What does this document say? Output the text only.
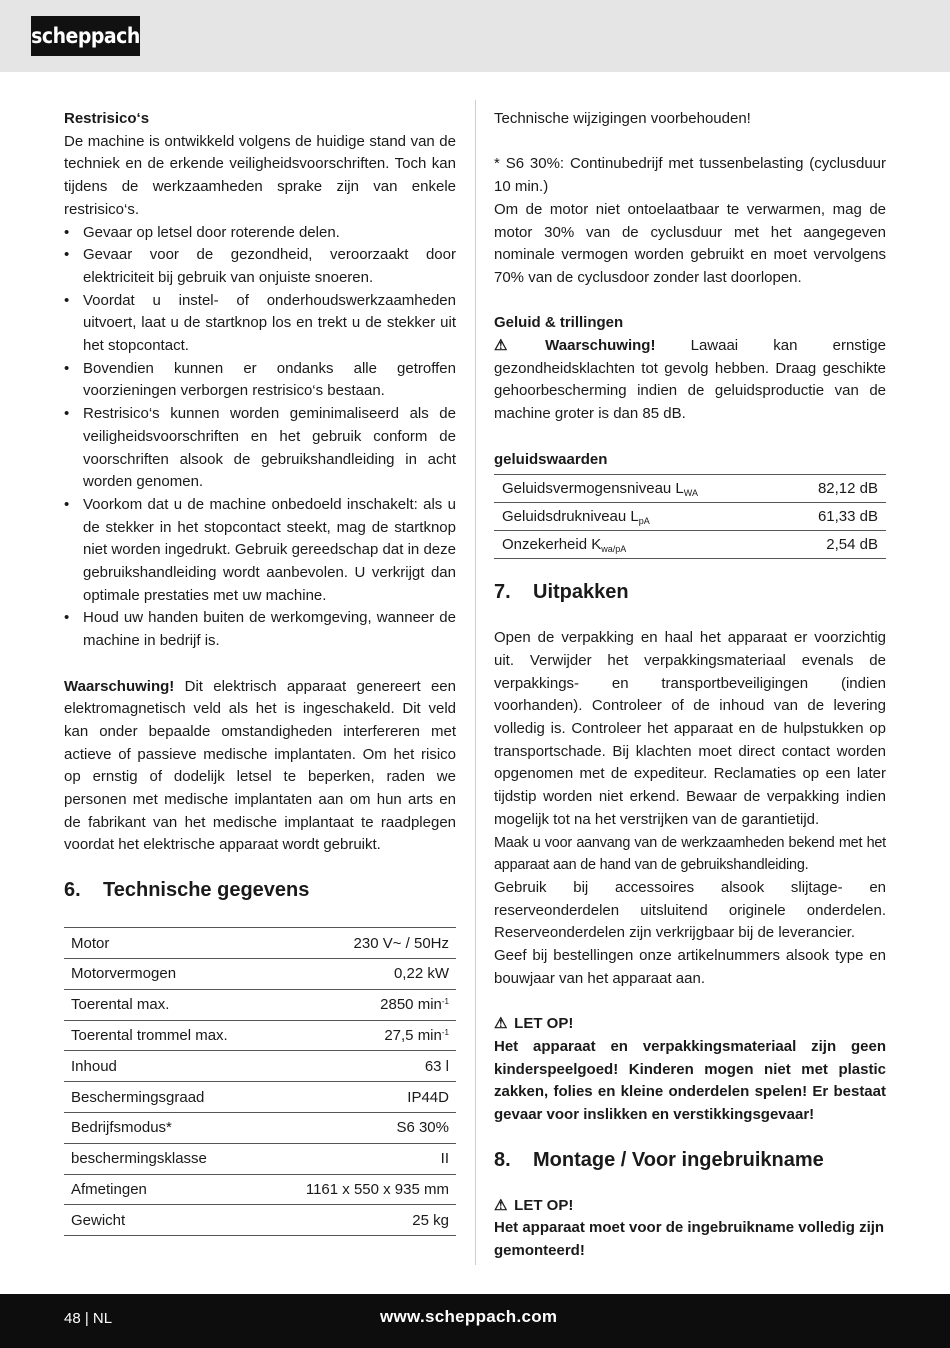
scheppach

Restrisico‘s

De machine is ontwikkeld volgens de huidige stand van de techniek en de erkende veiligheidsvoorschriften. Toch kan tijdens de werkzaamheden sprake zijn van enkele restrisico‘s.

• Gevaar op letsel door roterende delen.
• Gevaar voor de gezondheid, veroorzaakt door elektriciteit bij gebruik van onjuiste snoeren.
• Voordat u instel- of onderhoudswerkzaamheden uitvoert, laat u de startknop los en trekt u de stekker uit het stopcontact.
• Bovendien kunnen er ondanks alle getroffen voorzieningen verborgen restrisico‘s bestaan.
• Restrisico‘s kunnen worden geminimaliseerd als de veiligheidsvoorschriften en het gebruik conform de voorschriften alsook de gebruikshandleiding in acht worden genomen.
• Voorkom dat u de machine onbedoeld inschakelt: als u de stekker in het stopcontact steekt, mag de startknop niet worden ingedrukt. Gebruik gereedschap dat in deze gebruikshandleiding wordt aanbevolen. U verkrijgt dan optimale prestaties met uw machine.
• Houd uw handen buiten de werkomgeving, wanneer de machine in bedrijf is.

Waarschuwing! Dit elektrisch apparaat genereert een elektromagnetisch veld als het is ingeschakeld. Dit veld kan onder bepaalde omstandigheden interfereren met actieve of passieve medische implantaten. Om het risico op ernstig of dodelijk letsel te beperken, raden we personen met medische implantaten aan om hun arts en de fabrikant van het medische implantaat te raadplegen voordat het elektrische apparaat wordt gebruikt.

6. Technische gegevens
Motor	230 V~ / 50Hz
Motorvermogen	0,22 kW
Toerental max.	2850 $\min^{-1}$
Toerental trommel max.	27,5 $\min^{-1}$
Inhoud	63 l
Beschermingsgraad	IP44D
Bedrijfsmodus*	S6 30%
beschermingsklasse	II
Afmetingen	1161 x 550 x 935 mm
Gewicht	25 kg

Technische wijzigingen voorbehouden!

* S6 30%: Continubedrijf met tussenbelasting (cyclusduur 10 min.)

Om de motor niet ontoelaatbaar te verwarmen, mag de motor 30% van de cyclusduur met het aangegeven nominale vermogen worden gebruikt en moet vervolgens 70% van de cyclusdoor zonder last doorlopen.

Geluid & trillingen

⚠	Waarschuwing! Lawaai kan ernstige gezondheidsklachten tot gevolg hebben. Draag geschikte gehoorbescherming indien de geluidsproductie van de machine groter is dan 85 dB.

geluidswaarden

Geluidsvermogensniveau $L_{WA}$	82,12 dB
Geluidsdrukniveau $L_{pA}$	61,33 dB
Onzekerheid $K_{wa/pA}$	2,54 dB
7. Uitpakken

Open de verpakking en haal het apparaat er voorzichtig uit. Verwijder het verpakkingsmateriaal evenals de verpakkings- en transportbeveiligingen (indien voorhanden). Controleer of de inhoud van de levering volledig is. Controleer het apparaat en de hulpstukken op transportschade. Bij klachten moet direct contact worden opgenomen met de expediteur. Reclamaties op een later tijdstip worden niet erkend. Bewaar de verpakking indien mogelijk tot na het verstrijken van de garantietijd.

Maak u voor aanvang van de werkzaamheden bekend met het apparaat aan de hand van de gebruikshandleiding.

Gebruik bij accessoires alsook slijtage- en reserveonderdelen uitsluitend originele onderdelen. Reserveonderdelen zijn verkrijgbaar bij de leverancier.

Geef bij bestellingen onze artikelnummers alsook type en bouwjaar van het apparaat aan.

⚠ LET OP!

Het apparaat en verpakkingsmateriaal zijn geen kinderspeelgoed! Kinderen mogen niet met plastic zakken, folies en kleine onderdelen spelen! Er bestaat gevaar voor inslikken en verstikkingsgevaar!

8. Montage / Voor ingebruikname

⚠ LET OP!

Het apparaat moet voor de ingebruikname volledig zijn gemonteerd!

48 | NL	www.scheppach.com
